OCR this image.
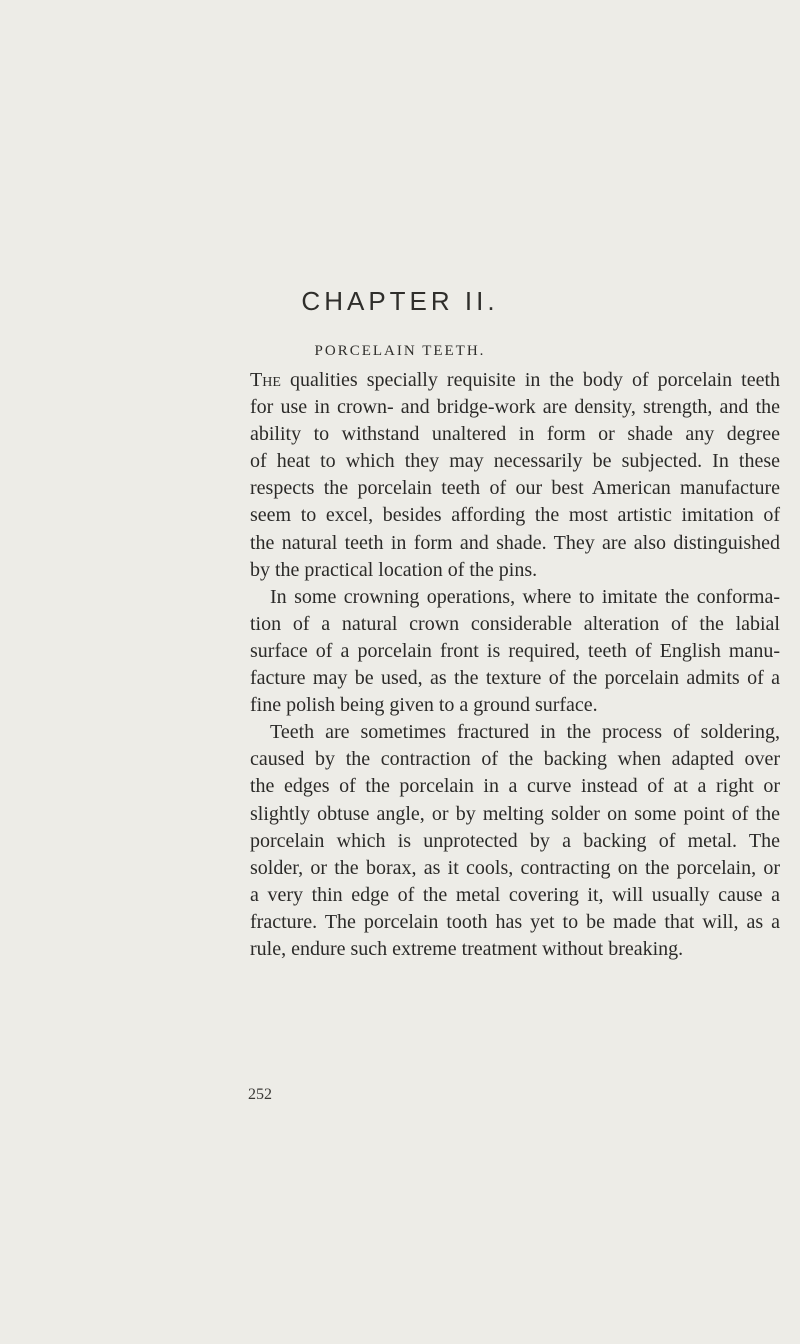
CHAPTER II.
PORCELAIN TEETH.
The qualities specially requisite in the body of porcelain teeth
for use in crown- and bridge-work are density, strength, and the
ability to withstand unaltered in form or shade any degree
of heat to which they may necessarily be subjected. In these
respects the porcelain teeth of our best American manufacture
seem to excel, besides affording the most artistic imitation of
the natural teeth in form and shade. They are also distinguished
by the practical location of the pins.
In some crowning operations, where to imitate the conforma-
tion of a natural crown considerable alteration of the labial
surface of a porcelain front is required, teeth of English manu-
facture may be used, as the texture of the porcelain admits of a
fine polish being given to a ground surface.
Teeth are sometimes fractured in the process of soldering,
caused by the contraction of the backing when adapted over
the edges of the porcelain in a curve instead of at a right or
slightly obtuse angle, or by melting solder on some point of the
porcelain which is unprotected by a backing of metal. The
solder, or the borax, as it cools, contracting on the porcelain, or
a very thin edge of the metal covering it, will usually cause a
fracture. The porcelain tooth has yet to be made that will, as a
rule, endure such extreme treatment without breaking.
252
